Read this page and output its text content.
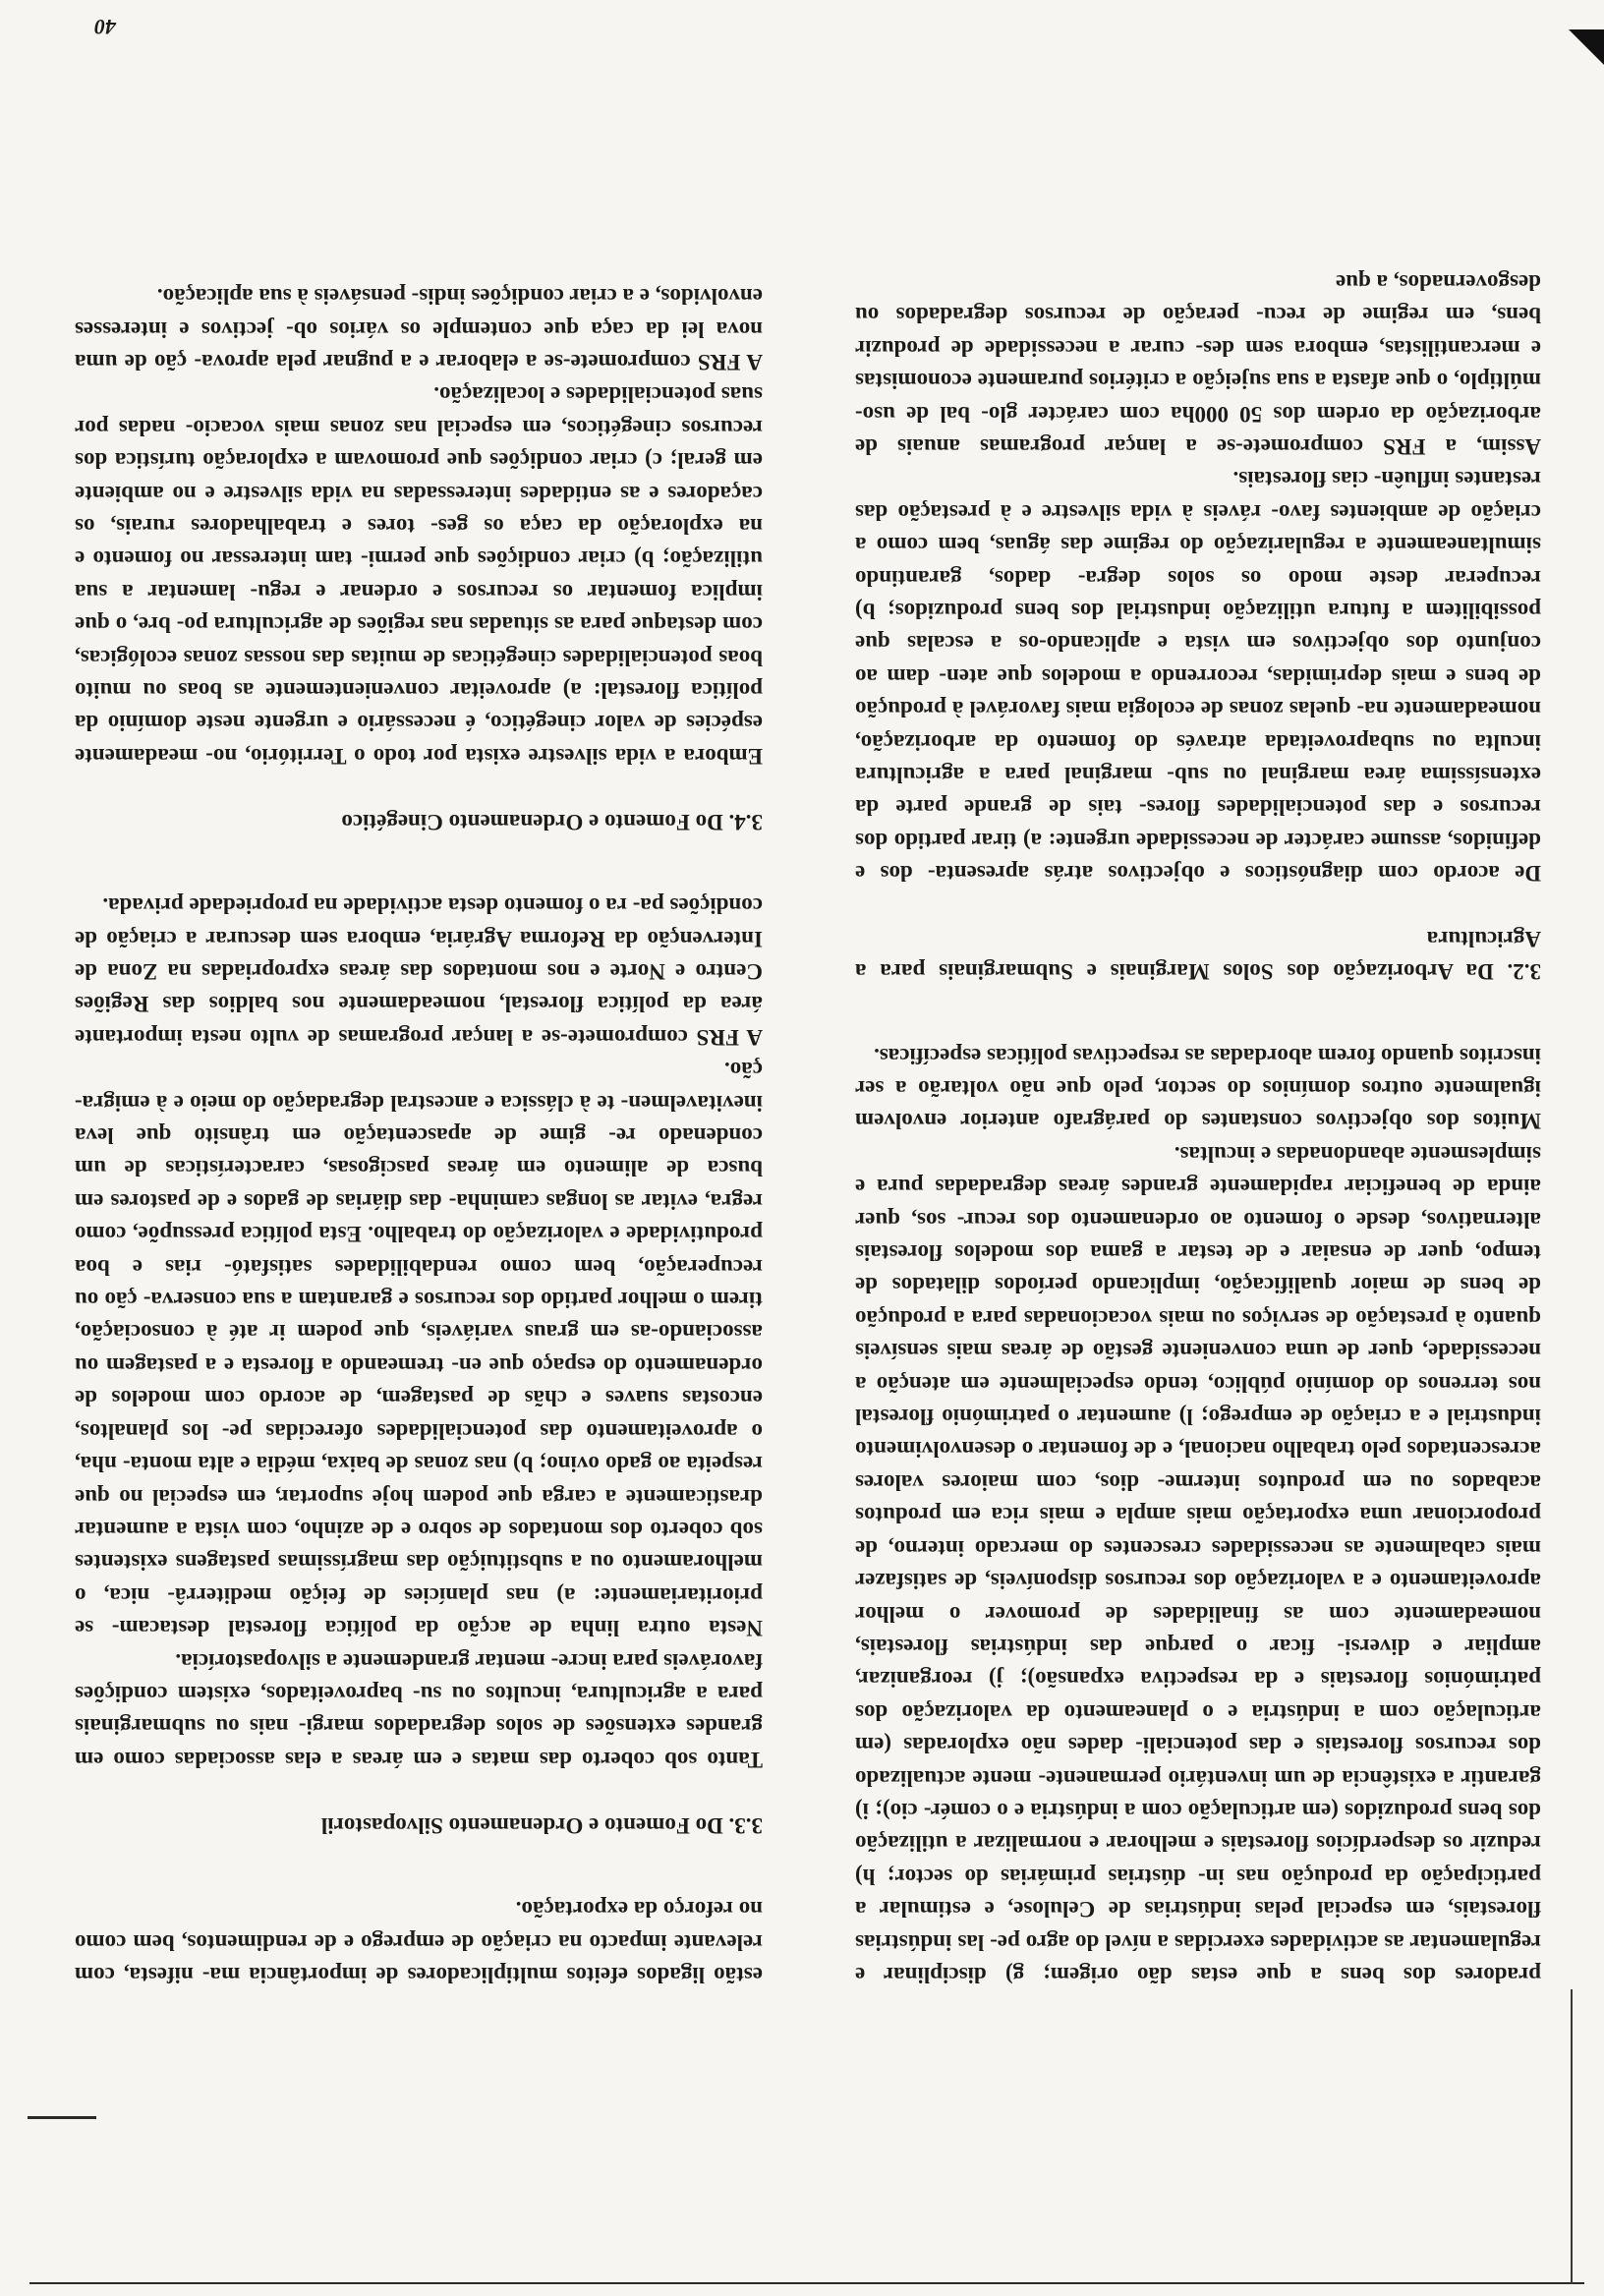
pradores dos bens a que estas dão origem; g) disciplinar e regulamentar as actividades exercidas a nível do agro pe- las indústrias florestais, em especial pelas indústrias de Celulose, e estimular a participação da produção nas in- dústrias primárias do sector; h) reduzir os desperdícios florestais e melhorar e normalizar a utilização dos bens produzidos (em articulação com a indústria e o comér- cio); i) garantir a existência de um inventário permanente- mente actualizado dos recursos florestais e das potenciali- dades não exploradas (em articulação com a indústria e o planeamento da valorização dos patrimónios florestais e da respectiva expansão); j) reorganizar, ampliar e diversi- ficar o parque das indústrias florestais, nomeadamente com as finalidades de promover o melhor aproveitamento e a valorização dos recursos disponíveis, de satisfazer mais cabalmente as necessidades crescentes do mercado interno, de proporcionar uma exportação mais ampla e mais rica em produtos acabados ou em produtos interme- dios, com maiores valores acrescentados pelo trabalho nacional, e de fomentar o desenvolvimento industrial e a criação de emprego; l) aumentar o património florestal nos terrenos do domínio público, tendo especialmente em atenção a necessidade, quer de uma conveniente gestão de áreas mais sensíveis quanto à prestação de serviços ou mais vocacionadas para a produção de bens de maior qualificação, implicando períodos dilatados de tempo, quer de ensaiar e de testar a gama dos modelos florestais alternativos, desde o fomento ao ordenamento dos recur- sos, quer ainda de beneficiar rapidamente grandes áreas degradadas pura e simplesmente abandonadas e incultas.

Muitos dos objectivos constantes do parágrafo anterior envolvem igualmente outros domínios do sector, pelo que não voltarão a ser inscritos quando forem abordadas as respectivas políticas específicas.

3.2. Da Arborização dos Solos Marginais e Submarginais para a Agricultura

De acordo com diagnósticos e objectivos atrás apresenta- dos e definidos, assume carácter de necessidade urgente: a) tirar partido dos recursos e das potencialidades flores- tais de grande parte da extensíssima área marginal ou sub- marginal para a agricultura inculta ou subaproveitada através do fomento da arborização, nomeadamente na- quelas zonas de ecologia mais favorável à produção de bens e mais deprimidas, recorrendo a modelos que aten- dam ao conjunto dos objectivos em vista e aplicando-os a escalas que possibilitem a futura utilização industrial dos bens produzidos; b) recuperar deste modo os solos degra- dados, garantindo simultaneamente a regularização do regime das águas, bem como a criação de ambientes favo- ráveis à vida silvestre e à prestação das restantes influên- cias florestais.

Assim, a FRS compromete-se a lançar programas anuais de arborização da ordem dos 50 000ha com carácter glo- bal de uso-múltiplo, o que afasta a sua sujeição a critérios puramente economistas e mercantilistas, embora sem des- curar a necessidade de produzir bens, em regime de recu- peração de recursos degradados ou desgovernados, a que

estão ligados efeitos multiplicadores de importância ma- nifesta, com relevante impacto na criação de emprego e de rendimentos, bem como no reforço da exportação.

3.3. Do Fomento e Ordenamento Silvopastoril

Tanto sob coberto das matas e em áreas a elas associadas como em grandes extensões de solos degradados margi- nais ou submarginais para a agricultura, incultos ou su- baproveitados, existem condições favoráveis para incre- mentar grandemente a silvopastorícia.

Nesta outra linha de acção da política florestal destacam- se prioritariamente: a) nas planícies de feição mediterrâ- nica, o melhoramento ou a substituição das magríssimas pastagens existentes sob coberto dos montados de sobro e de azinho, com vista a aumentar drasticamente a carga que podem hoje suportar, em especial no que respeita ao gado ovino; b) nas zonas de baixa, média e alta monta- nha, o aproveitamento das potencialidades oferecidas pe- los planaltos, encostas suaves e chãs de pastagem, de acordo com modelos de ordenamento do espaço que en- tremeando a floresta e a pastagem ou associando-as em graus variáveis, que podem ir até à consociação, tirem o melhor partido dos recursos e garantam a sua conserva- ção ou recuperação, bem como rendabilidades satisfató- rias e boa produtividade e valorização do trabalho. Esta política pressupõe, como regra, evitar as longas caminha- das diárias de gados e de pastores em busca de alimento em áreas pascigosas, características de um condenado re- gime de apascentação em trânsito que leva inevitavelmen- te à clássica e ancestral degradação do meio e à emigra- ção.

A FRS compromete-se a lançar programas de vulto nesta importante área da política florestal, nomeadamente nos baldios das Regiões Centro e Norte e nos montados das áreas expropriadas na Zona de Intervenção da Reforma Agrária, embora sem descurar a criação de condições pa- ra o fomento desta actividade na propriedade privada.

3.4. Do Fomento e Ordenamento Cinegético

Embora a vida silvestre exista por todo o Território, no- meadamente espécies de valor cinegético, é necessário e urgente neste domínio da política florestal: a) aproveitar convenientemente as boas ou muito boas potencialidades cinegéticas de muitas das nossas zonas ecológicas, com destaque para as situadas nas regiões de agricultura po- bre, o que implica fomentar os recursos e ordenar e regu- lamentar a sua utilização; b) criar condições que permi- tam interessar no fomento e na exploração da caça os ges- tores e trabalhadores rurais, os caçadores e as entidades interessadas na vida silvestre e no ambiente em geral; c) criar condições que promovam a exploração turística dos recursos cinegéticos, em especial nas zonas mais vocacio- nadas por suas potencialidades e localização.

A FRS compromete-se a elaborar e a pugnar pela aprova- ção de uma nova lei da caça que contemple os vários ob- jectivos e interesses envolvidos, e a criar condições indis- pensáveis à sua aplicação.

40
